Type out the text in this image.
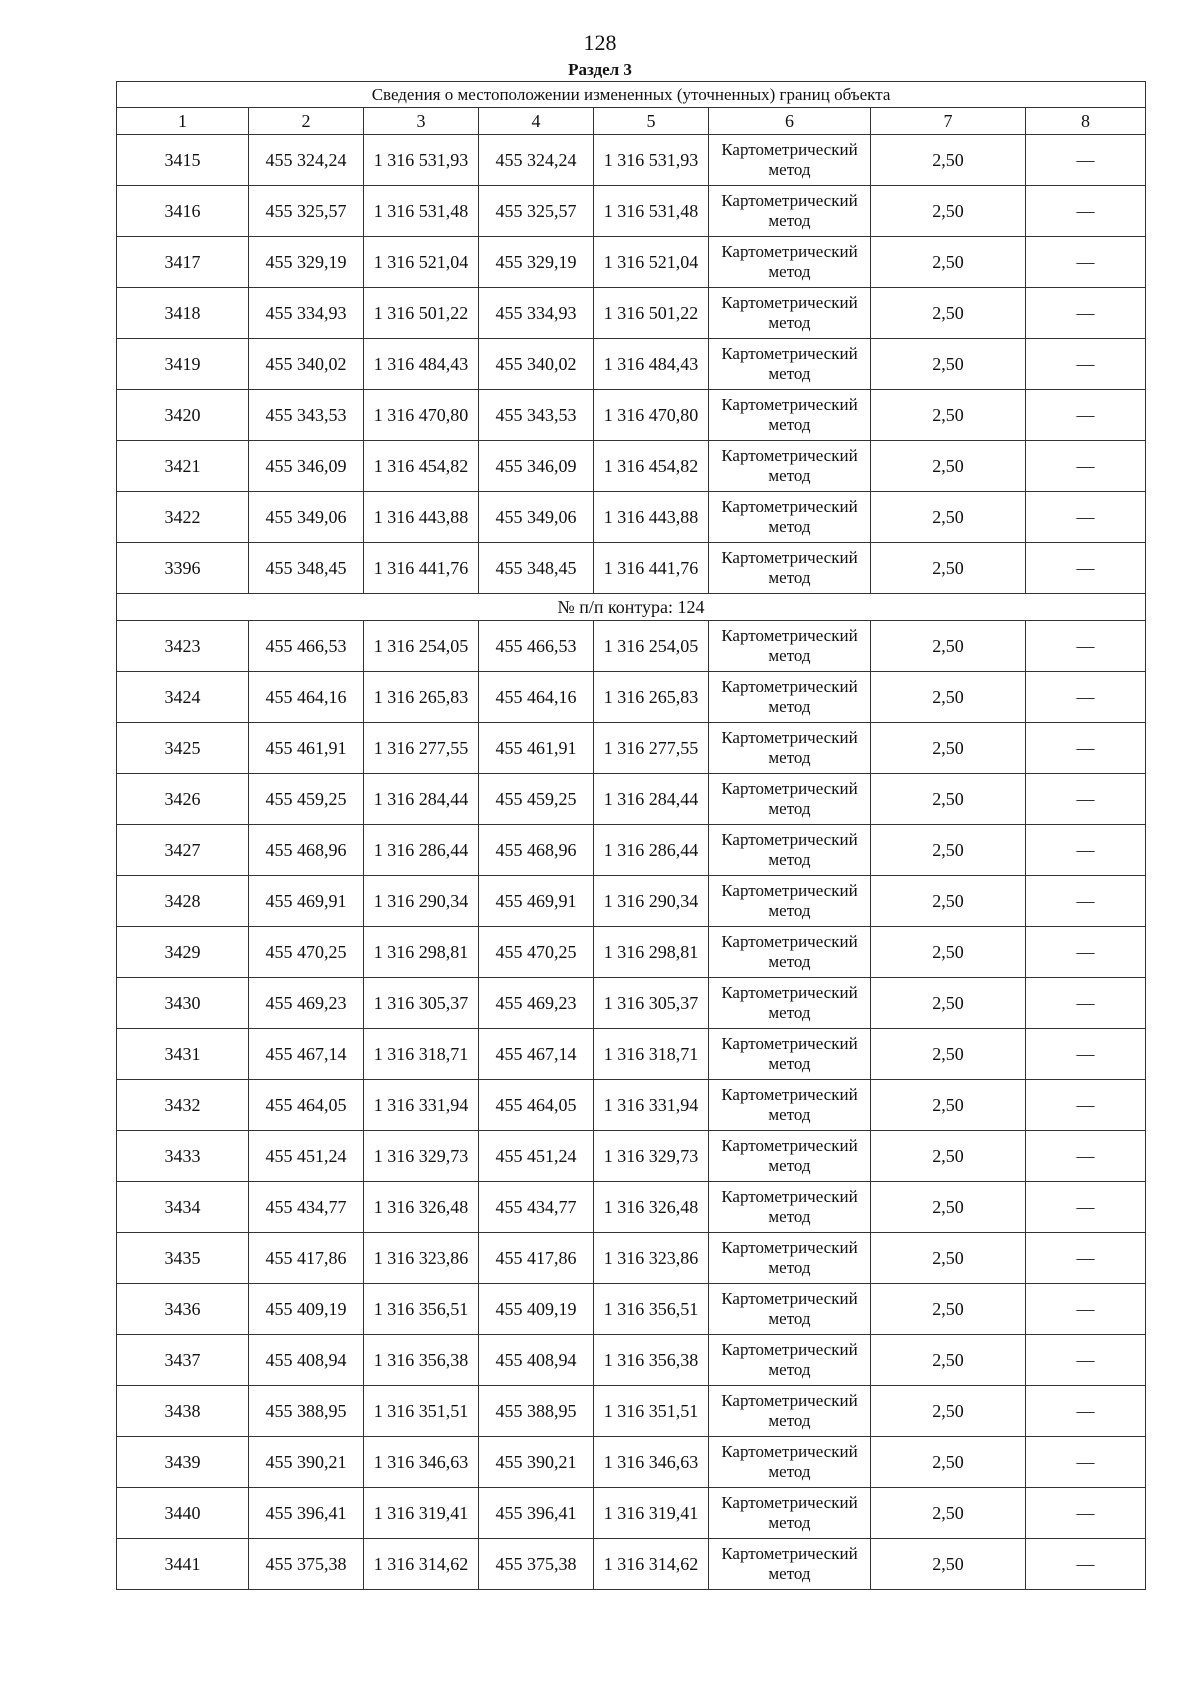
128
Раздел 3
Сведения о местоположении измененных (уточненных) границ объекта							
1	2	3	4	5	6	7	8
3415	455 324,24	1 316 531,93	455 324,24	1 316 531,93	Картометрический метод	2,50	—
3416	455 325,57	1 316 531,48	455 325,57	1 316 531,48	Картометрический метод	2,50	—
3417	455 329,19	1 316 521,04	455 329,19	1 316 521,04	Картометрический метод	2,50	—
3418	455 334,93	1 316 501,22	455 334,93	1 316 501,22	Картометрический метод	2,50	—
3419	455 340,02	1 316 484,43	455 340,02	1 316 484,43	Картометрический метод	2,50	—
3420	455 343,53	1 316 470,80	455 343,53	1 316 470,80	Картометрический метод	2,50	—
3421	455 346,09	1 316 454,82	455 346,09	1 316 454,82	Картометрический метод	2,50	—
3422	455 349,06	1 316 443,88	455 349,06	1 316 443,88	Картометрический метод	2,50	—
3396	455 348,45	1 316 441,76	455 348,45	1 316 441,76	Картометрический метод	2,50	—
№ п/п контура: 124							
3423	455 466,53	1 316 254,05	455 466,53	1 316 254,05	Картометрический метод	2,50	—
3424	455 464,16	1 316 265,83	455 464,16	1 316 265,83	Картометрический метод	2,50	—
3425	455 461,91	1 316 277,55	455 461,91	1 316 277,55	Картометрический метод	2,50	—
3426	455 459,25	1 316 284,44	455 459,25	1 316 284,44	Картометрический метод	2,50	—
3427	455 468,96	1 316 286,44	455 468,96	1 316 286,44	Картометрический метод	2,50	—
3428	455 469,91	1 316 290,34	455 469,91	1 316 290,34	Картометрический метод	2,50	—
3429	455 470,25	1 316 298,81	455 470,25	1 316 298,81	Картометрический метод	2,50	—
3430	455 469,23	1 316 305,37	455 469,23	1 316 305,37	Картометрический метод	2,50	—
3431	455 467,14	1 316 318,71	455 467,14	1 316 318,71	Картометрический метод	2,50	—
3432	455 464,05	1 316 331,94	455 464,05	1 316 331,94	Картометрический метод	2,50	—
3433	455 451,24	1 316 329,73	455 451,24	1 316 329,73	Картометрический метод	2,50	—
3434	455 434,77	1 316 326,48	455 434,77	1 316 326,48	Картометрический метод	2,50	—
3435	455 417,86	1 316 323,86	455 417,86	1 316 323,86	Картометрический метод	2,50	—
3436	455 409,19	1 316 356,51	455 409,19	1 316 356,51	Картометрический метод	2,50	—
3437	455 408,94	1 316 356,38	455 408,94	1 316 356,38	Картометрический метод	2,50	—
3438	455 388,95	1 316 351,51	455 388,95	1 316 351,51	Картометрический метод	2,50	—
3439	455 390,21	1 316 346,63	455 390,21	1 316 346,63	Картометрический метод	2,50	—
3440	455 396,41	1 316 319,41	455 396,41	1 316 319,41	Картометрический метод	2,50	—
3441	455 375,38	1 316 314,62	455 375,38	1 316 314,62	Картометрический метод	2,50	—
